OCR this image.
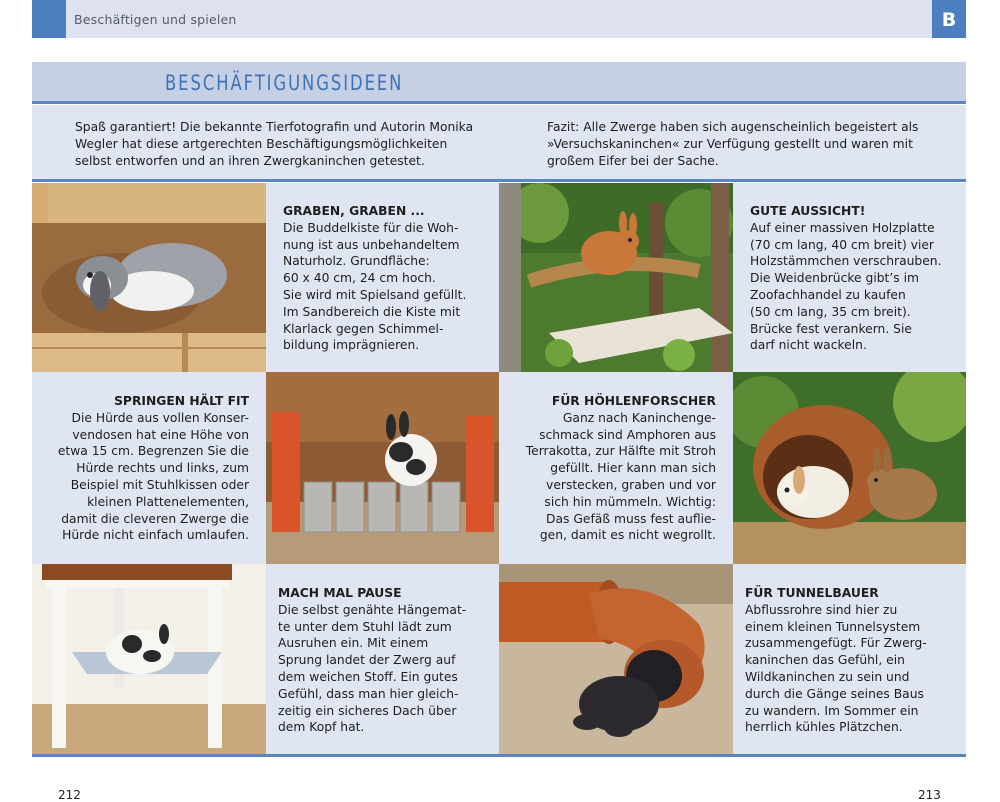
Beschäftigen und spielen	B
BESCHÄFTIGUNGSIDEEN

Spaß garantiert! Die bekannte Tierfotografin und Autorin Monika Wegler hat diese artgerechten Beschäftigungsmöglichkeiten selbst entworfen und an ihren Zwergkaninchen getestet.

Fazit: Alle Zwerge haben sich augenscheinlich begeistert als »Versuchskaninchen« zur Verfügung gestellt und waren mit großem Eifer bei der Sache.

GRABEN, GRABEN ...
Die Buddelkiste für die Woh-
nung ist aus unbehandeltem
Naturholz. Grundfläche:
60 x 40 cm, 24 cm hoch.
Sie wird mit Spielsand gefüllt.
Im Sandbereich die Kiste mit
Klarlack gegen Schimmel-
bildung imprägnieren.
GUTE AUSSICHT!
Auf einer massiven Holzplatte
(70 cm lang, 40 cm breit) vier
Holzstämmchen verschrauben.
Die Weidenbrücke gibt’s im
Zoofachhandel zu kaufen
(50 cm lang, 35 cm breit).
Brücke fest verankern. Sie
darf nicht wackeln.
SPRINGEN HÄLT FIT
Die Hürde aus vollen Konser-
vendosen hat eine Höhe von
etwa 15 cm. Begrenzen Sie die
Hürde rechts und links, zum
Beispiel mit Stuhlkissen oder
kleinen Plattenelementen,
damit die cleveren Zwerge die
Hürde nicht einfach umlaufen.
FÜR HÖHLENFORSCHER
Ganz nach Kaninchenge-
schmack sind Amphoren aus
Terrakotta, zur Hälfte mit Stroh
gefüllt. Hier kann man sich
verstecken, graben und vor
sich hin mümmeln. Wichtig:
Das Gefäß muss fest auflie-
gen, damit es nicht wegrollt.
MACH MAL PAUSE
Die selbst genähte Hängemat-
te unter dem Stuhl lädt zum
Ausruhen ein. Mit einem
Sprung landet der Zwerg auf
dem weichen Stoff. Ein gutes
Gefühl, dass man hier gleich-
zeitig ein sicheres Dach über
dem Kopf hat.
FÜR TUNNELBAUER
Abflussrohre sind hier zu
einem kleinen Tunnelsystem
zusammengefügt. Für Zwerg-
kaninchen das Gefühl, ein
Wildkaninchen zu sein und
durch die Gänge seines Baus
zu wandern. Im Sommer ein
herrlich kühles Plätzchen.
212	213
